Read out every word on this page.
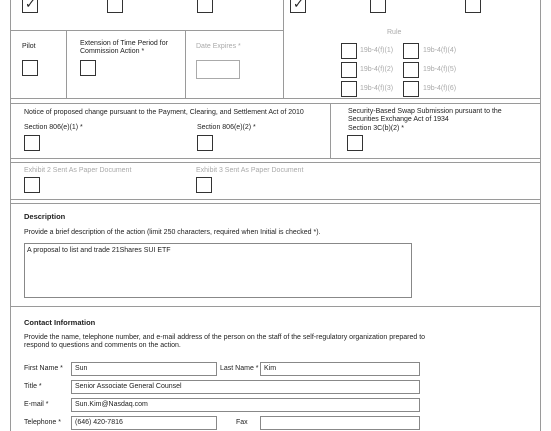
✓
✓
Pilot	Extension of Time Period for Commission Action *
Date Expires *
Rule
19b-4(f)(1)	19b-4(f)(4)
19b-4(f)(2)	19b-4(f)(5)
19b-4(f)(3)	19b-4(f)(6)
Notice of proposed change pursuant to the Payment, Clearing, and Settlement Act of 2010
Section 806(e)(1) *	Section 806(e)(2) *
Security-Based Swap Submission pursuant to the Securities Exchange Act of 1934
Section 3C(b)(2) *
Exhibit 2 Sent As Paper Document	Exhibit 3 Sent As Paper Document
Description
Provide a brief description of the action (limit 250 characters, required when Initial is checked *).
A proposal to list and trade 21Shares SUI ETF
Contact Information
Provide the name, telephone number, and e-mail address of the person on the staff of the self-regulatory organization prepared to respond to questions and comments on the action.
First Name *	Sun	Last Name * Kim
Title *	Senior Associate General Counsel
E-mail *	Sun.Kim@Nasdaq.com
Telephone *	(646) 420-7816	Fax
